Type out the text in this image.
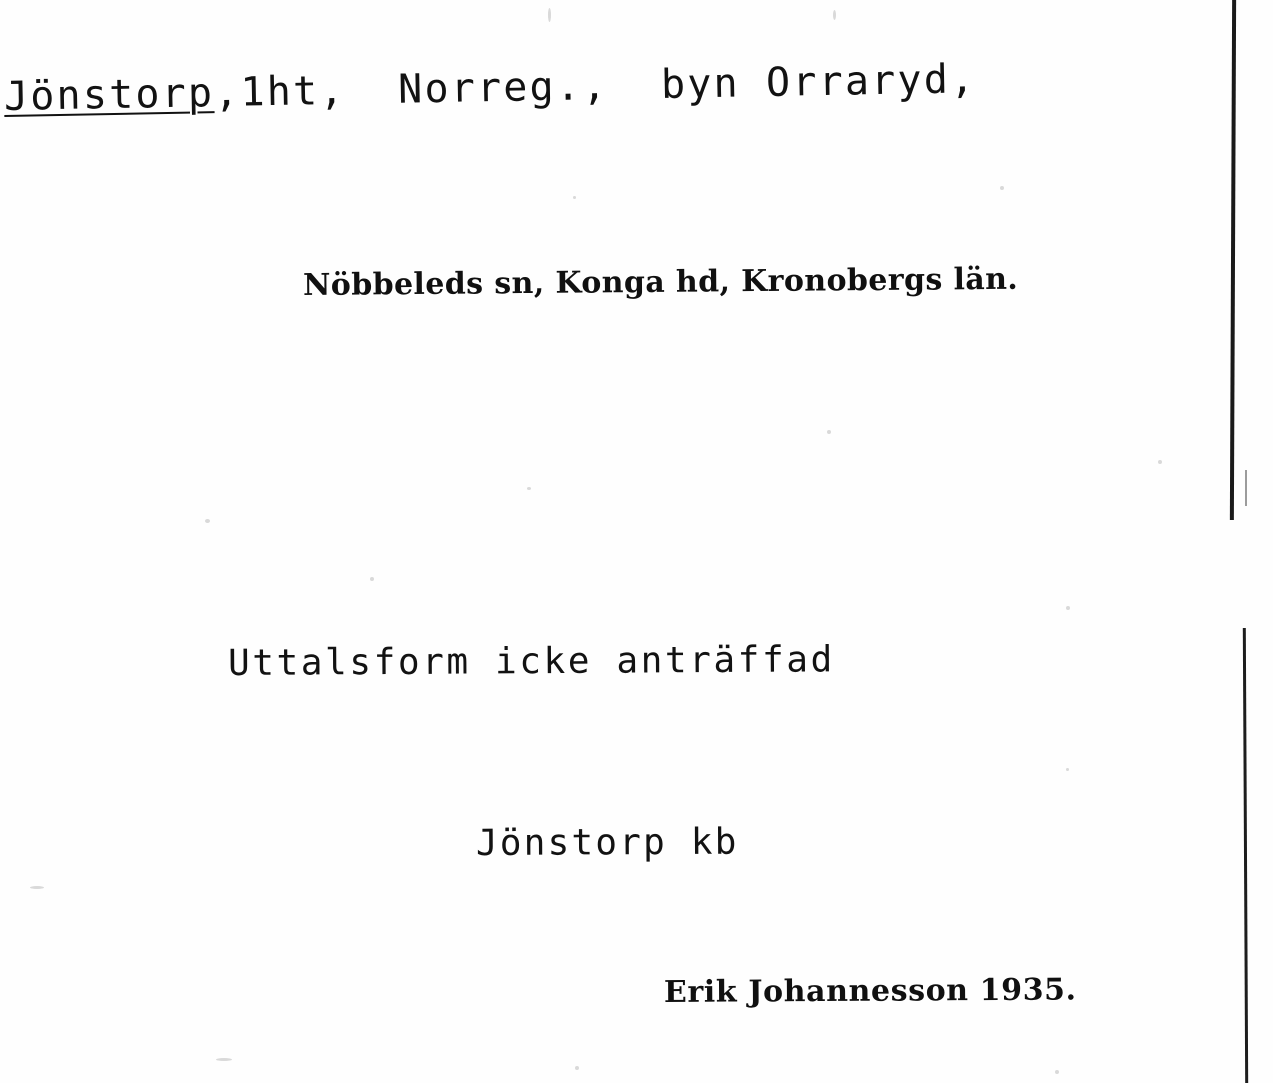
Jönstorp,1ht,  Norreg.,  byn Orraryd,
Nöbbeleds sn, Konga hd, Kronobergs län.
Uttalsform icke anträffad
Jönstorp kb
Erik Johannesson 1935.
